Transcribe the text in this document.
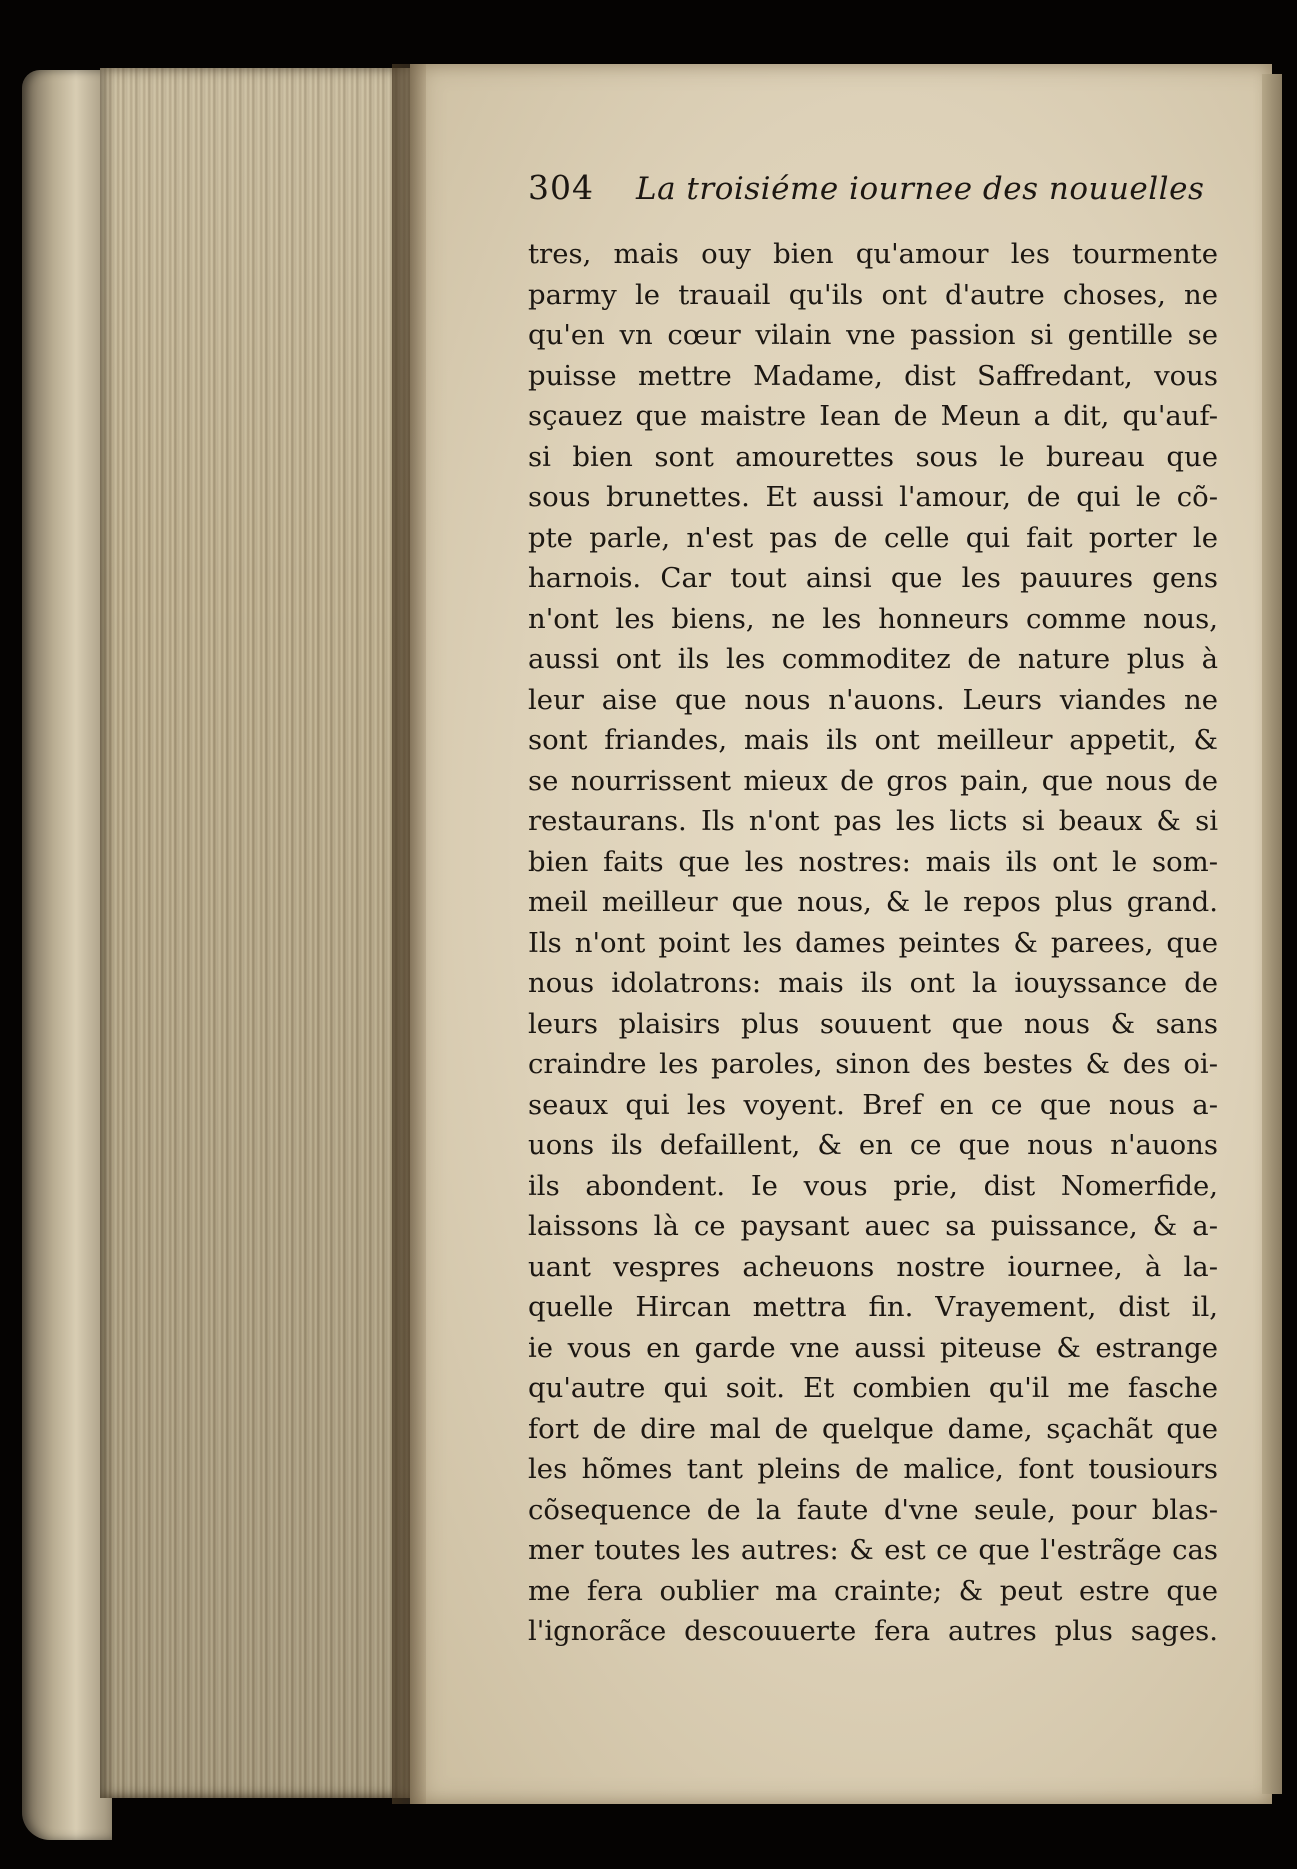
304 La troisiéme iournee des nouuelles
tres, mais ouy bien qu'amour les tourmente
parmy le trauail qu'ils ont d'autre choses, ne
qu'en vn cœur vilain vne passion si gentille se
puisse mettre Madame, dist Saffredant, vous
sçauez que maistre Iean de Meun a dit, qu'auf-
si bien sont amourettes sous le bureau que
sous brunettes. Et aussi l'amour, de qui le cõ-
pte parle, n'est pas de celle qui fait porter le
harnois. Car tout ainsi que les pauures gens
n'ont les biens, ne les honneurs comme nous,
aussi ont ils les commoditez de nature plus à
leur aise que nous n'auons. Leurs viandes ne
sont friandes, mais ils ont meilleur appetit, &
se nourrissent mieux de gros pain, que nous de
restaurans. Ils n'ont pas les licts si beaux & si
bien faits que les nostres: mais ils ont le som-
meil meilleur que nous, & le repos plus grand.
Ils n'ont point les dames peintes & parees, que
nous idolatrons: mais ils ont la iouyssance de
leurs plaisirs plus souuent que nous & sans
craindre les paroles, sinon des bestes & des oi-
seaux qui les voyent. Bref en ce que nous a-
uons ils defaillent, & en ce que nous n'auons
ils abondent. Ie vous prie, dist Nomerfide,
laissons là ce paysant auec sa puissance, & a-
uant vespres acheuons nostre iournee, à la-
quelle Hircan mettra fin. Vrayement, dist il,
ie vous en garde vne aussi piteuse & estrange
qu'autre qui soit. Et combien qu'il me fasche
fort de dire mal de quelque dame, sçachãt que
les hõmes tant pleins de malice, font tousiours
cõsequence de la faute d'vne seule, pour blas-
mer toutes les autres: & est ce que l'estrãge cas
me fera oublier ma crainte; & peut estre que
l'ignorãce descouuerte fera autres plus sages.
